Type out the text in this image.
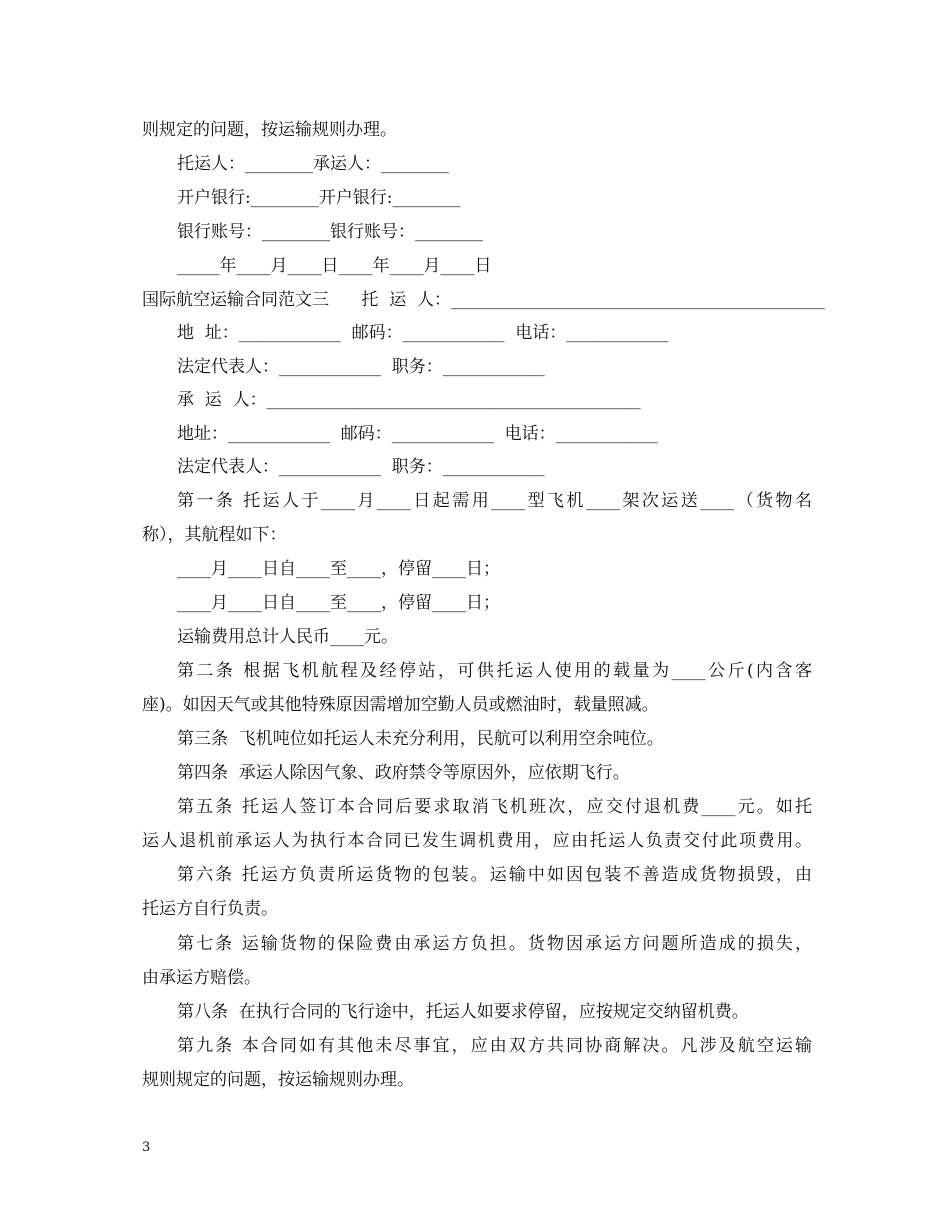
则规定的问题，按运输规则办理。
托运人：________承运人：________
开户银行:________开户银行:________
银行账号：________银行账号：________
_____年____月____日____年____月____日
国际航空运输合同范文三      托  运  人：____________________________________________
地  址：____________  邮码：____________  电话：____________
法定代表人：____________  职务：____________
承  运  人：____________________________________________
地址：____________  邮码：____________  电话：____________
法定代表人：____________  职务：____________
第一条 托运人于____月____日起需用____型飞机____架次运送____（货物名
称），其航程如下：
____月____日自____至____，停留____日；
____月____日自____至____，停留____日；
运输费用总计人民币____元。
第二条 根据飞机航程及经停站，可供托运人使用的载量为____公斤(内含客
座)。如因天气或其他特殊原因需增加空勤人员或燃油时，载量照减。
第三条  飞机吨位如托运人未充分利用，民航可以利用空余吨位。
第四条  承运人除因气象、政府禁令等原因外，应依期飞行。
第五条 托运人签订本合同后要求取消飞机班次，应交付退机费____元。如托
运人退机前承运人为执行本合同已发生调机费用，应由托运人负责交付此项费用。
第六条 托运方负责所运货物的包装。运输中如因包装不善造成货物损毁，由
托运方自行负责。
第七条 运输货物的保险费由承运方负担。货物因承运方问题所造成的损失，
由承运方赔偿。
第八条  在执行合同的飞行途中，托运人如要求停留，应按规定交纳留机费。
第九条 本合同如有其他未尽事宜，应由双方共同协商解决。凡涉及航空运输
规则规定的问题，按运输规则办理。
3
